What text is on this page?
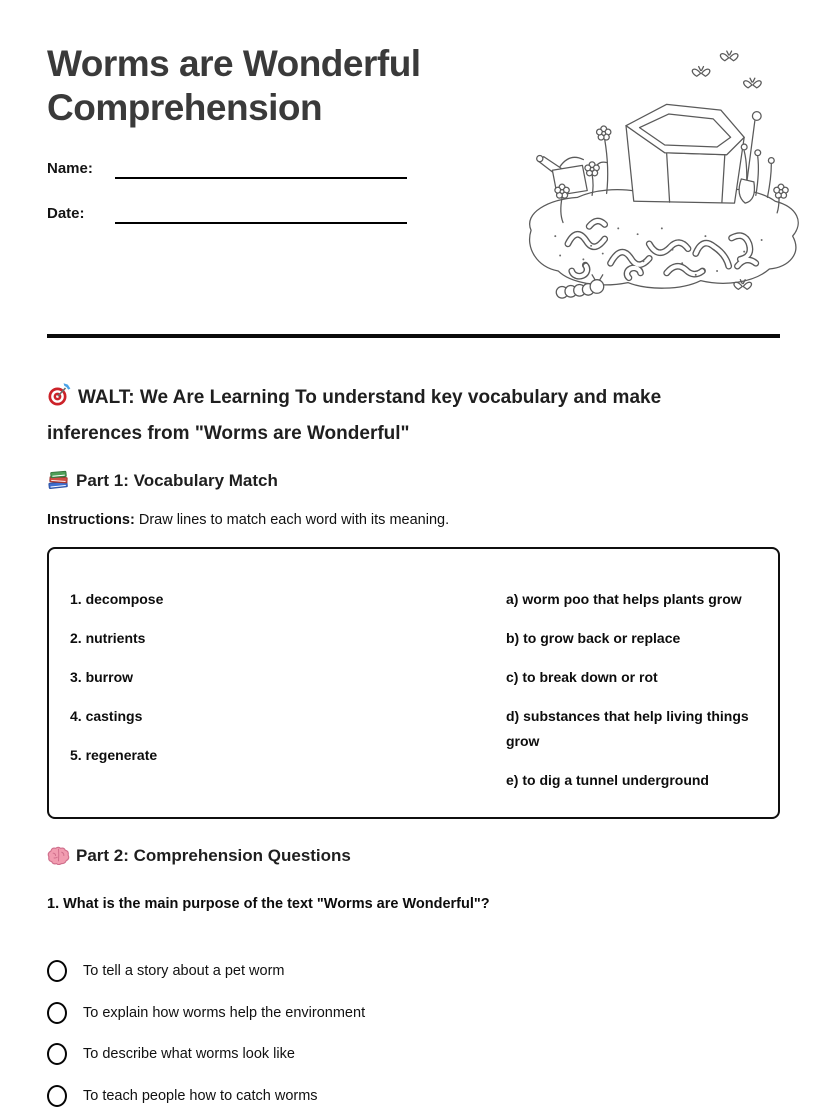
Worms are Wonderful Comprehension
Name:
Date:
WALT: We Are Learning To understand key vocabulary and make inferences from "Worms are Wonderful"
Part 1: Vocabulary Match

Instructions: Draw lines to match each word with its meaning.

1. decompose
2. nutrients
3. burrow
4. castings
5. regenerate
a) worm poo that helps plants grow
b) to grow back or replace
c) to break down or rot
d) substances that help living things grow
e) to dig a tunnel underground
Part 2: Comprehension Questions

1. What is the main purpose of the text "Worms are Wonderful"?

To tell a story about a pet worm
To explain how worms help the environment
To describe what worms look like
To teach people how to catch worms
